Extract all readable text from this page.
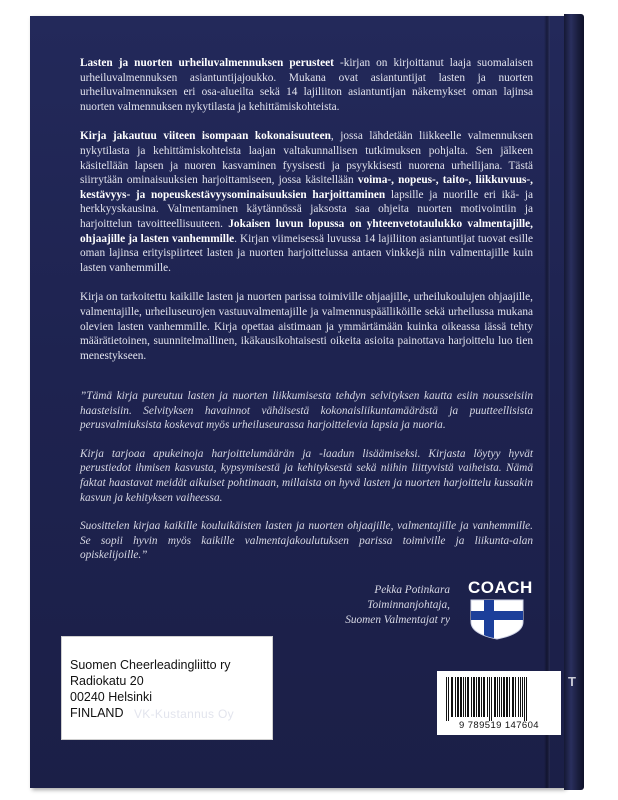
T

Lasten ja nuorten urheiluvalmennuksen perusteet -kirjan on kirjoittanut laaja suomalaisen urheiluvalmennuksen asiantuntijajoukko. Mukana ovat asiantuntijat lasten ja nuorten urheiluvalmennuksen eri osa-alueilta sekä 14 lajiliiton asiantuntijan näkemykset oman lajinsa nuorten valmennuksen nykytilasta ja kehittämiskohteista.

Kirja jakautuu viiteen isompaan kokonaisuuteen, jossa lähdetään liikkeelle valmennuksen nykytilasta ja kehittämiskohteista laajan valtakunnallisen tutkimuksen pohjalta. Sen jälkeen käsitellään lapsen ja nuoren kasvaminen fyysisesti ja psyykkisesti nuorena urheilijana. Tästä siirrytään ominaisuuksien harjoittamiseen, jossa käsitellään voima-, nopeus-, taito-, liikkuvuus-, kestävyys- ja nopeuskestävyysominaisuuksien harjoittaminen lapsille ja nuorille eri ikä- ja herkkyyskausina. Valmentaminen käytännössä jaksosta saa ohjeita nuorten motivointiin ja harjoittelun tavoitteellisuuteen. Jokaisen luvun lopussa on yhteenvetotaulukko valmentajille, ohjaajille ja lasten vanhemmille. Kirjan viimeisessä luvussa 14 lajiliiton asiantuntijat tuovat esille oman lajinsa erityispiirteet lasten ja nuorten harjoittelussa antaen vinkkejä niin valmentajille kuin lasten vanhemmille.

Kirja on tarkoitettu kaikille lasten ja nuorten parissa toimiville ohjaajille, urheilukoulujen ohjaajille, valmentajille, urheiluseurojen vastuuvalmentajille ja valmennuspäälliköille sekä urheilussa mukana olevien lasten vanhemmille. Kirja opettaa aistimaan ja ymmärtämään kuinka oikeassa iässä tehty määrätietoinen, suunnitelmallinen, ikäkausikohtaisesti oikeita asioita painottava harjoittelu luo tien menestykseen.

”Tämä kirja pureutuu lasten ja nuorten liikkumisesta tehdyn selvityksen kautta esiin nousseisiin haasteisiin. Selvityksen havainnot vähäisestä kokonaisliikuntamäärästä ja puutteellisista perusvalmiuksista koskevat myös urheiluseurassa harjoittelevia lapsia ja nuoria.

Kirja tarjoaa apukeinoja harjoittelumäärän ja -laadun lisäämiseksi. Kirjasta löytyy hyvät perustiedot ihmisen kasvusta, kypsymisestä ja kehityksestä sekä niihin liittyvistä vaiheista. Nämä faktat haastavat meidät aikuiset pohtimaan, millaista on hyvä lasten ja nuorten harjoittelu kussakin kasvun ja kehityksen vaiheessa.

Suosittelen kirjaa kaikille kouluikäisten lasten ja nuorten ohjaajille, valmentajille ja vanhemmille. Se sopii hyvin myös kaikille valmentajakoulutuksen parissa toimiville ja liikunta-alan opiskelijoille.”

Pekka Potinkara
Toiminnanjohtaja,
Suomen Valmentajat ry
COACH
Suomen Cheerleadingliitto ry
Radiokatu 20
00240 Helsinki
FINLAND VK-Kustannus Oy
9 789519 147604
